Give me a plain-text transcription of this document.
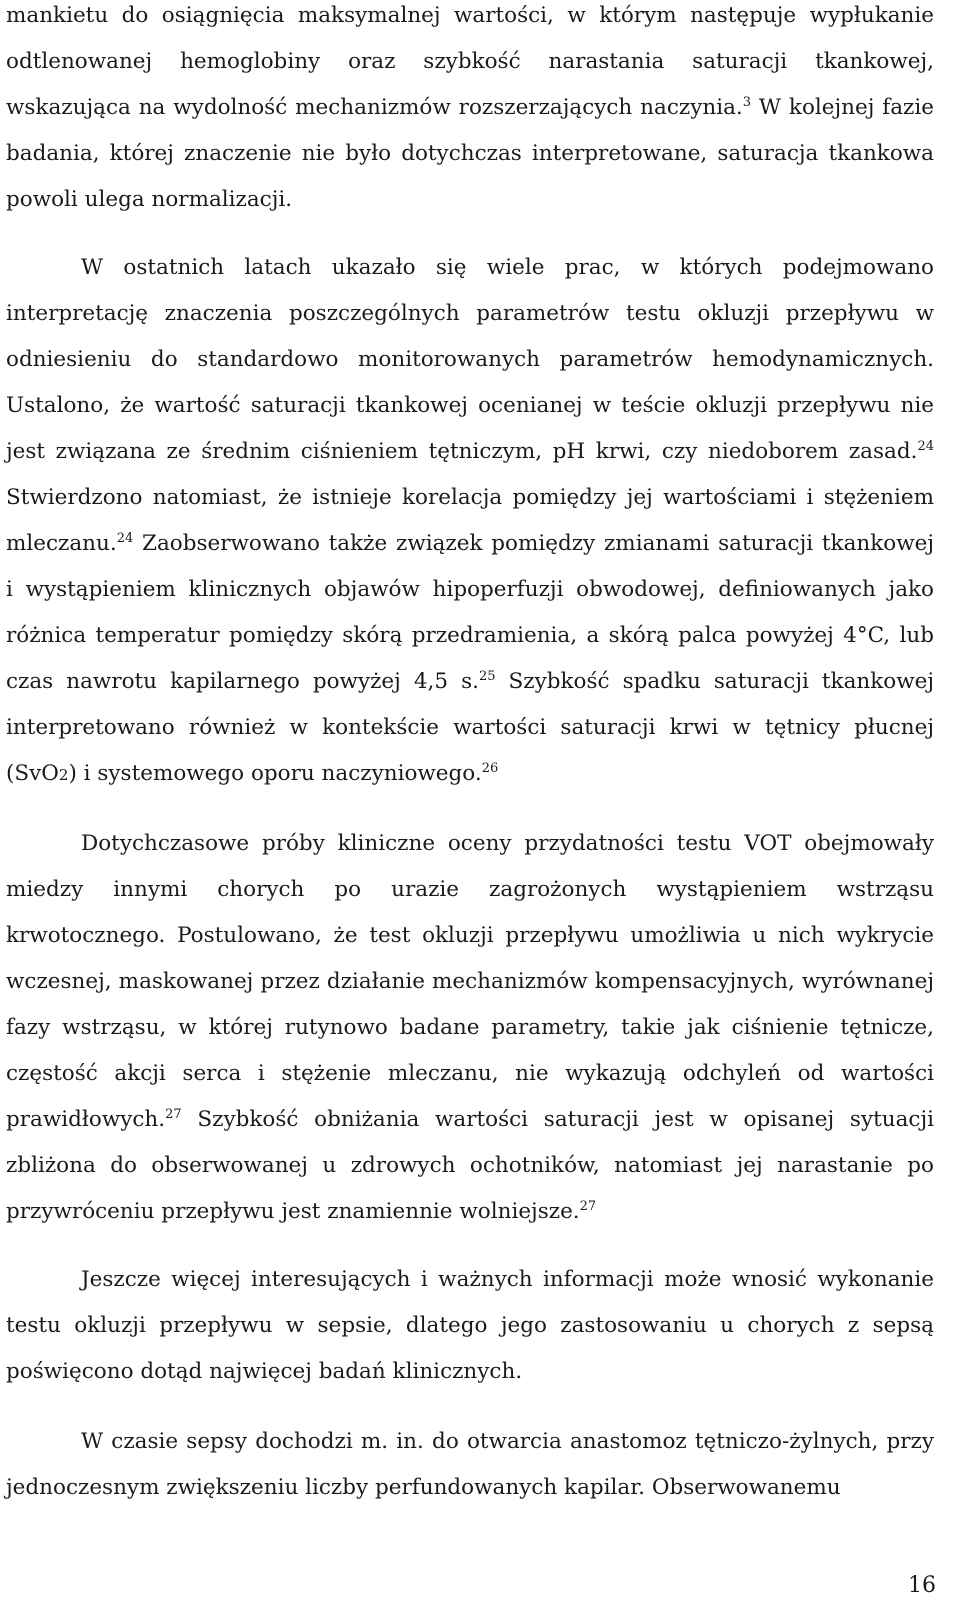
mankietu do osiągnięcia maksymalnej wartości, w którym następuje wypłukanie odtlenowanej hemoglobiny oraz szybkość narastania saturacji tkankowej, wskazująca na wydolność mechanizmów rozszerzających naczynia.$^3$ W kolejnej fazie badania, której znaczenie nie było dotychczas interpretowane, saturacja tkankowa powoli ulega normalizacji.

W ostatnich latach ukazało się wiele prac, w których podejmowano interpretację znaczenia poszczególnych parametrów testu okluzji przepływu w odniesieniu do standardowo monitorowanych parametrów hemodynamicznych. Ustalono, że wartość saturacji tkankowej ocenianej w teście okluzji przepływu nie jest związana ze średnim ciśnieniem tętniczym, pH krwi, czy niedoborem zasad.$^{24}$ Stwierdzono natomiast, że istnieje korelacja pomiędzy jej wartościami i stężeniem mleczanu.$^{24}$ Zaobserwowano także związek pomiędzy zmianami saturacji tkankowej i wystąpieniem klinicznych objawów hipoperfuzji obwodowej, definiowanych jako różnica temperatur pomiędzy skórą przedramienia, a skórą palca powyżej 4°C, lub czas nawrotu kapilarnego powyżej 4,5 s.$^{25}$ Szybkość spadku saturacji tkankowej interpretowano również w kontekście wartości saturacji krwi w tętnicy płucnej (SvO2) i systemowego oporu naczyniowego.$^{26}$

Dotychczasowe próby kliniczne oceny przydatności testu VOT obejmowały miedzy innymi chorych po urazie zagrożonych wystąpieniem wstrząsu krwotocznego. Postulowano, że test okluzji przepływu umożliwia u nich wykrycie wczesnej, maskowanej przez działanie mechanizmów kompensacyjnych, wyrównanej fazy wstrząsu, w której rutynowo badane parametry, takie jak ciśnienie tętnicze, częstość akcji serca i stężenie mleczanu, nie wykazują odchyleń od wartości prawidłowych.$^{27}$ Szybkość obniżania wartości saturacji jest w opisanej sytuacji zbliżona do obserwowanej u zdrowych ochotników, natomiast jej narastanie po przywróceniu przepływu jest znamiennie wolniejsze.$^{27}$

Jeszcze więcej interesujących i ważnych informacji może wnosić wykonanie testu okluzji przepływu w sepsie, dlatego jego zastosowaniu u chorych z sepsą poświęcono dotąd najwięcej badań klinicznych.

W czasie sepsy dochodzi m. in. do otwarcia anastomoz tętniczo-żylnych, przy jednoczesnym zwiększeniu liczby perfundowanych kapilar. Obserwowanemu

16
